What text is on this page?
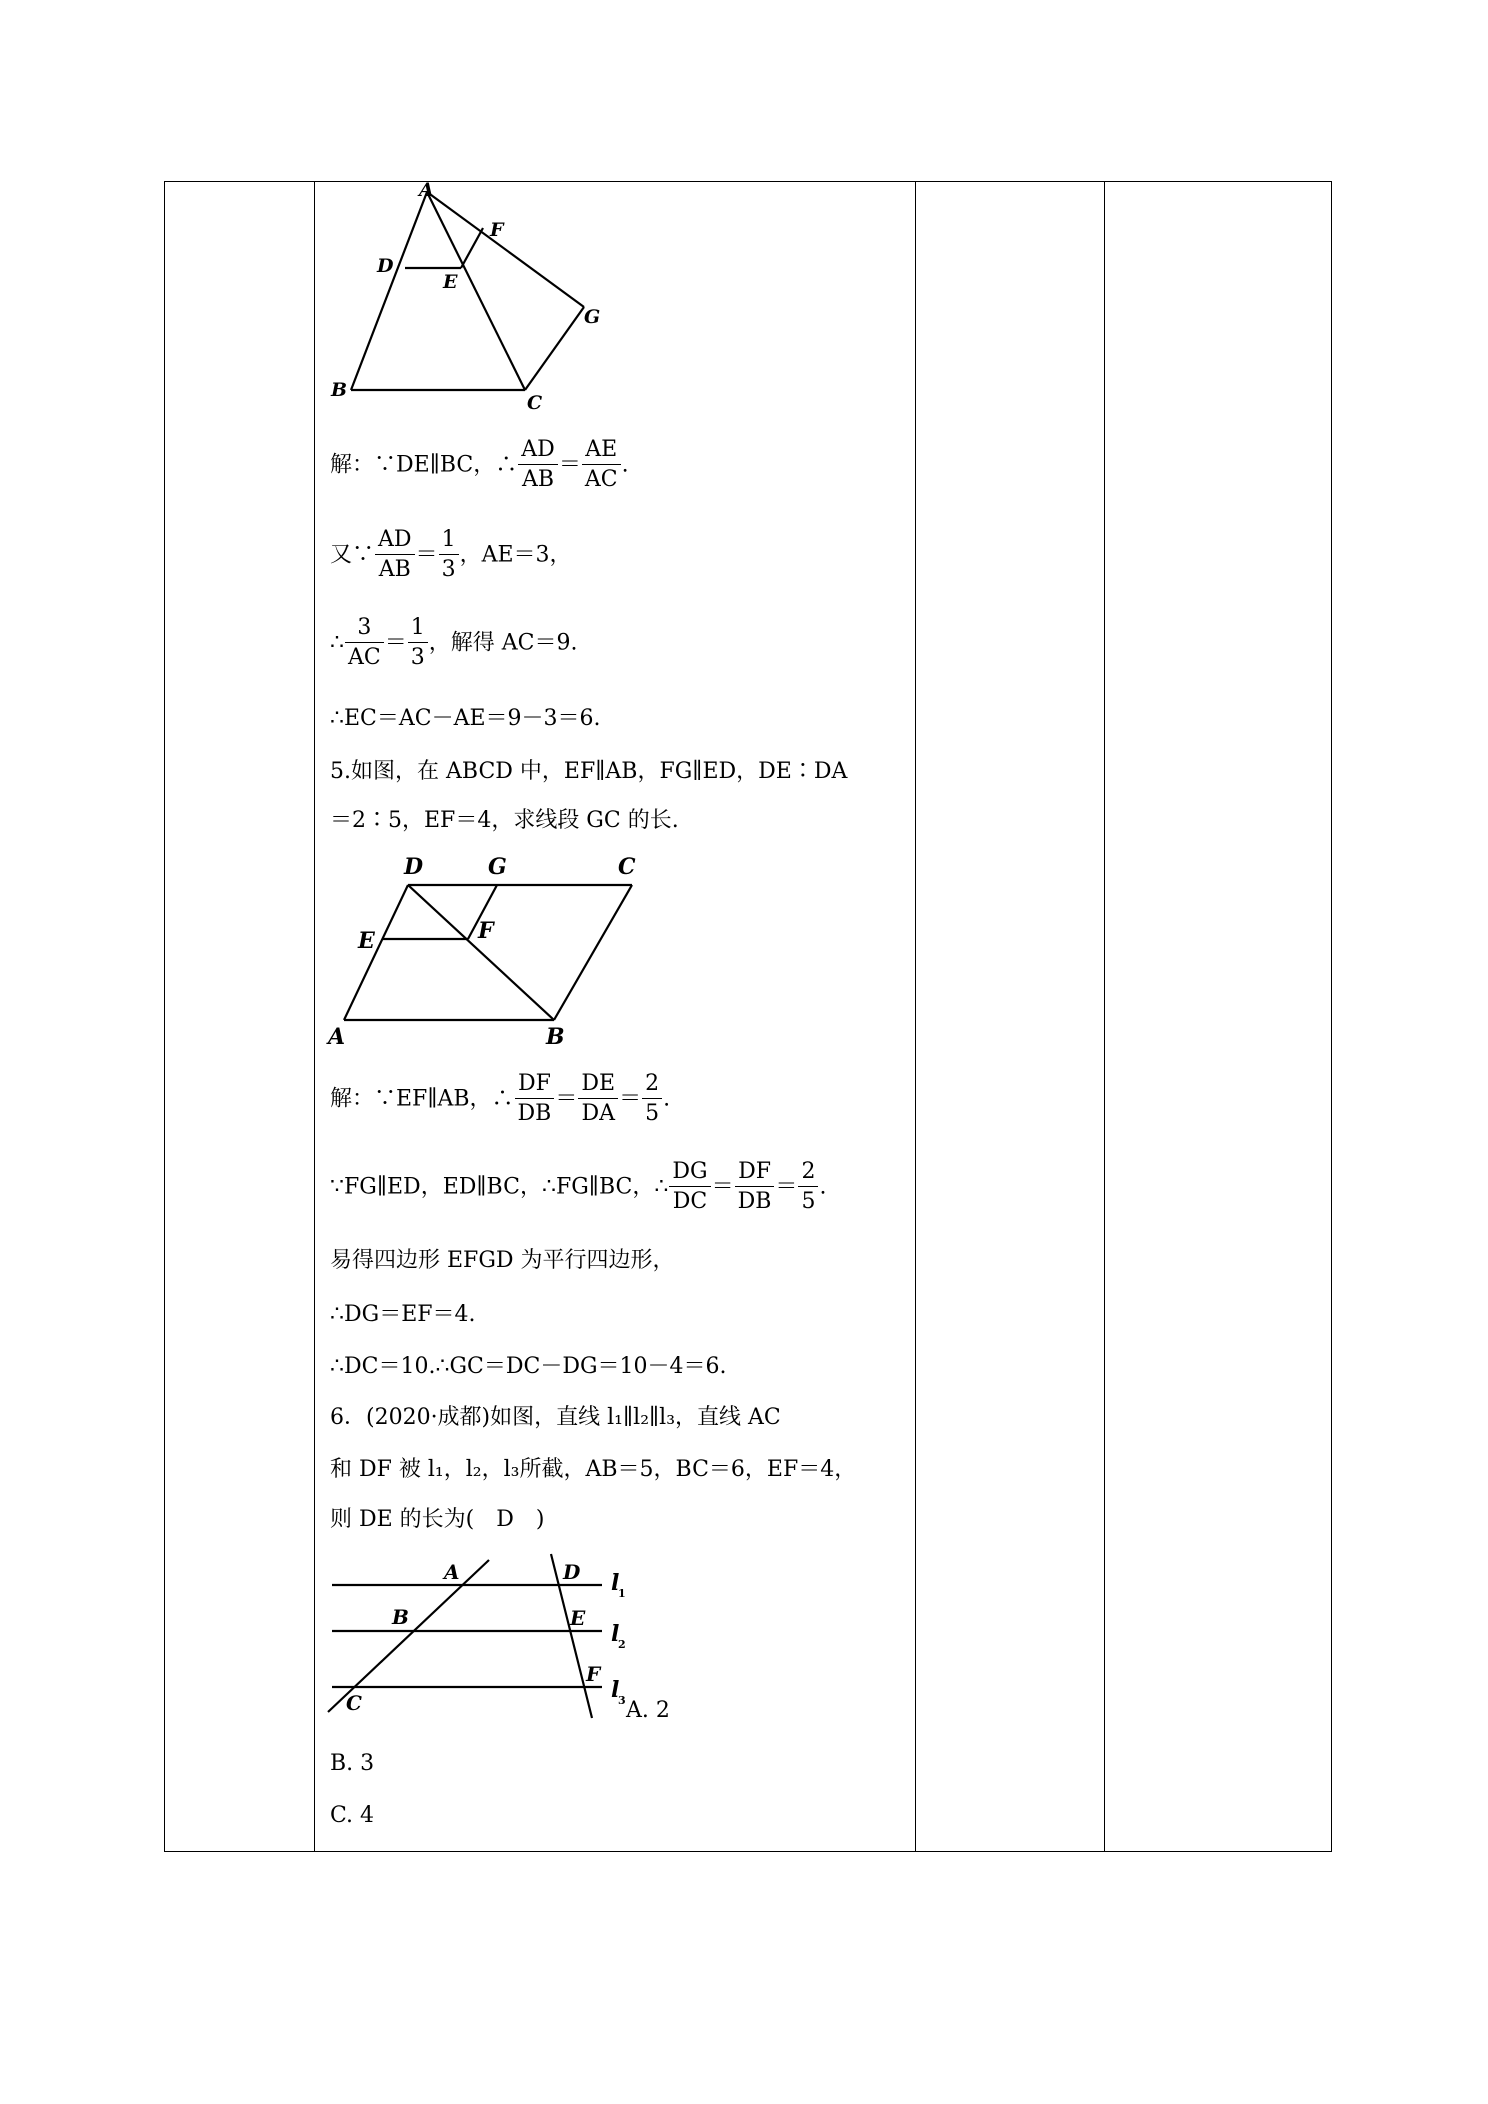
A
F
D
E
G
B
C
解：∵DE∥BC，∴ $\frac{AD}{AB} = \frac{AE}{AC}$ .
又∵ $\frac{AD}{AB} = \frac{1}{3}$ ，AE＝3，
∴ $\frac{3}{AC} = \frac{1}{3}$ ，解得 AC＝9.
∴EC＝AC－AE＝9－3＝6.
5.如图，在 ABCD 中，EF∥AB，FG∥ED，DE∶DA
＝2∶5，EF＝4，求线段 GC 的长.
D	G	C
E	F
A	B
解：∵EF∥AB，∴ $\frac{DF}{DB} = \frac{DE}{DA} = \frac{2}{5}$ .
∵FG∥ED，ED∥BC，∴FG∥BC，∴ $\frac{DG}{DC} = \frac{DF}{DB} = \frac{2}{5}$ .
易得四边形 EFGD 为平行四边形，
∴DG＝EF＝4.
∴DC＝10.∴GC＝DC－DG＝10－4＝6.
6．(2020·成都)如图，直线 l₁∥l₂∥l₃，直线 AC
和 DF 被 l₁，l₂，l₃所截，AB＝5，BC＝6，EF＝4，
则 DE 的长为(　D　)
A	D
B	E
F
C
l
1
l
2
l
3 A. 2
B. 3
C. 4
